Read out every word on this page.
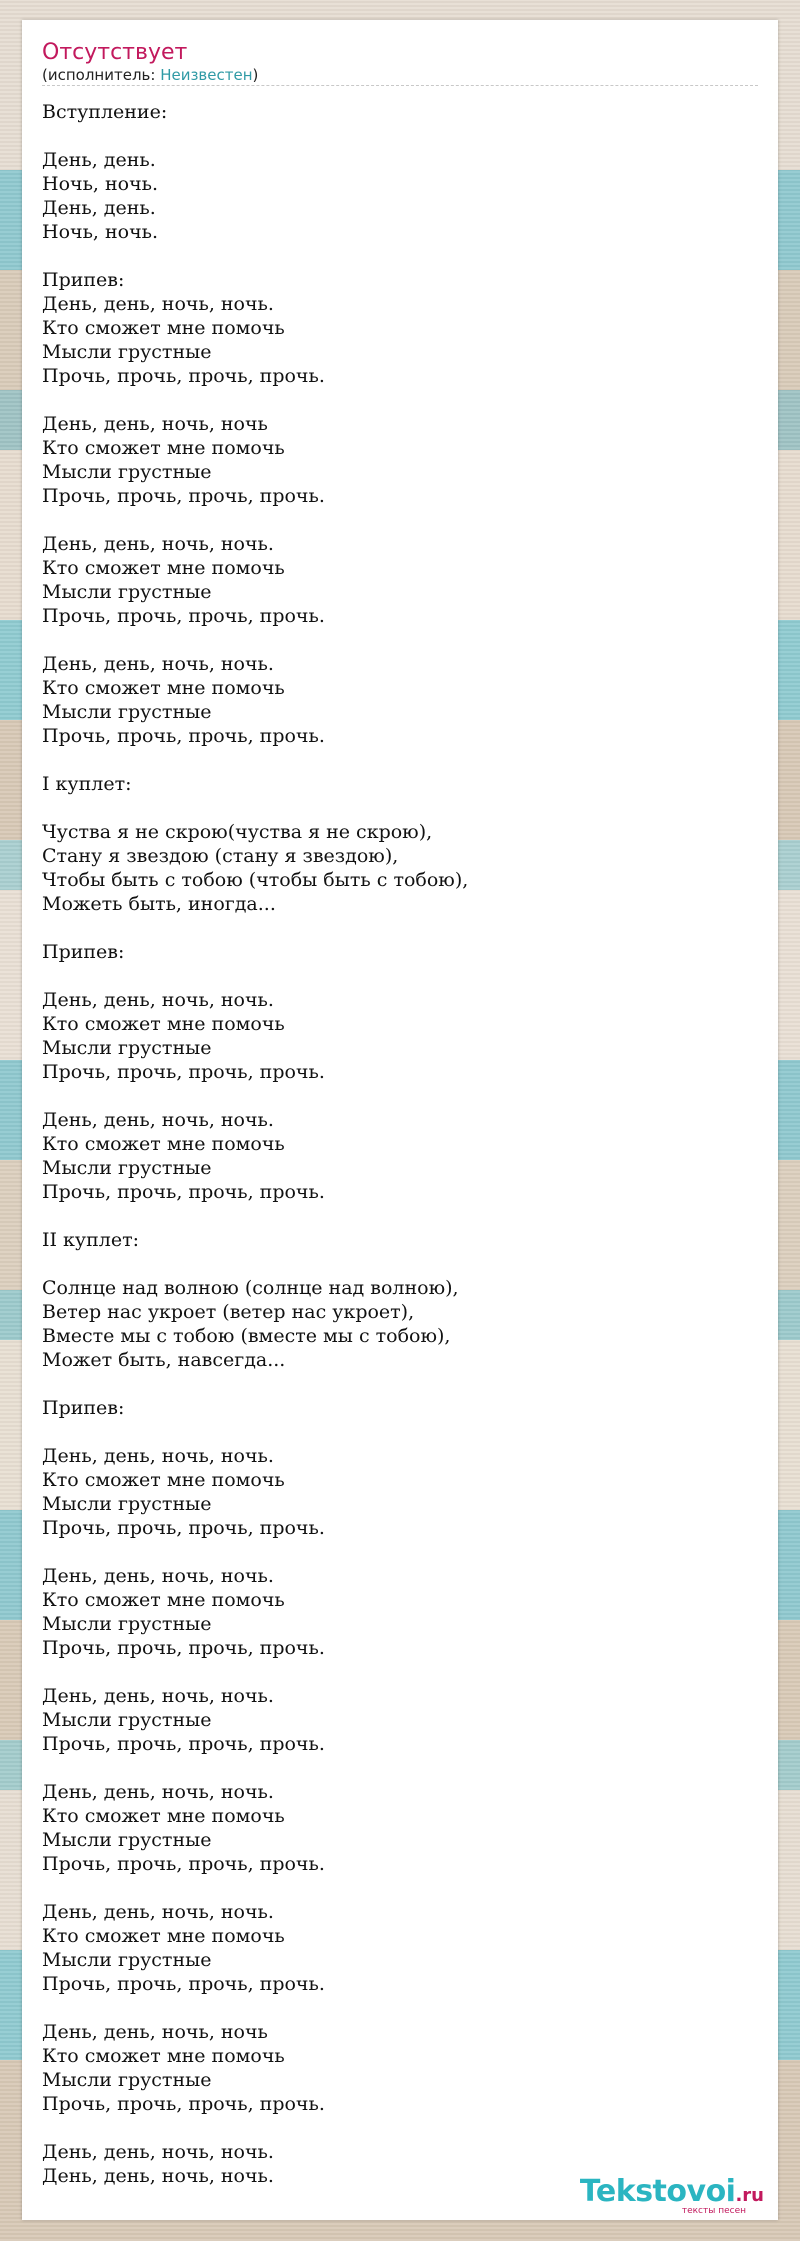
Отсутствует
(исполнитель: Неизвестен)
Вступление:
День, день.
Ночь, ночь.
День, день.
Ночь, ночь.
Припев:
День, день, ночь, ночь.
Кто сможет мне помочь
Мысли грустные
Прочь, прочь, прочь, прочь.
День, день, ночь, ночь
Кто сможет мне помочь
Мысли грустные
Прочь, прочь, прочь, прочь.
День, день, ночь, ночь.
Кто сможет мне помочь
Мысли грустные
Прочь, прочь, прочь, прочь.
День, день, ночь, ночь.
Кто сможет мне помочь
Мысли грустные
Прочь, прочь, прочь, прочь.
I куплет:
Чуства я не скрою(чуства я не скрою),
Стану я звездою (стану я звездою),
Чтобы быть с тобою (чтобы быть с тобою),
Можеть быть, иногда...
Припев:
День, день, ночь, ночь.
Кто сможет мне помочь
Мысли грустные
Прочь, прочь, прочь, прочь.
День, день, ночь, ночь.
Кто сможет мне помочь
Мысли грустные
Прочь, прочь, прочь, прочь.
II куплет:
Солнце над волною (солнце над волною),
Ветер нас укроет (ветер нас укроет),
Вместе мы с тобою (вместе мы с тобою),
Может быть, навсегда...
Припев:
День, день, ночь, ночь.
Кто сможет мне помочь
Мысли грустные
Прочь, прочь, прочь, прочь.
День, день, ночь, ночь.
Кто сможет мне помочь
Мысли грустные
Прочь, прочь, прочь, прочь.
День, день, ночь, ночь.
Мысли грустные
Прочь, прочь, прочь, прочь.
День, день, ночь, ночь.
Кто сможет мне помочь
Мысли грустные
Прочь, прочь, прочь, прочь.
День, день, ночь, ночь.
Кто сможет мне помочь
Мысли грустные
Прочь, прочь, прочь, прочь.
День, день, ночь, ночь
Кто сможет мне помочь
Мысли грустные
Прочь, прочь, прочь, прочь.
День, день, ночь, ночь.
День, день, ночь, ночь.	Tekstovoi.ru
тексты песен
